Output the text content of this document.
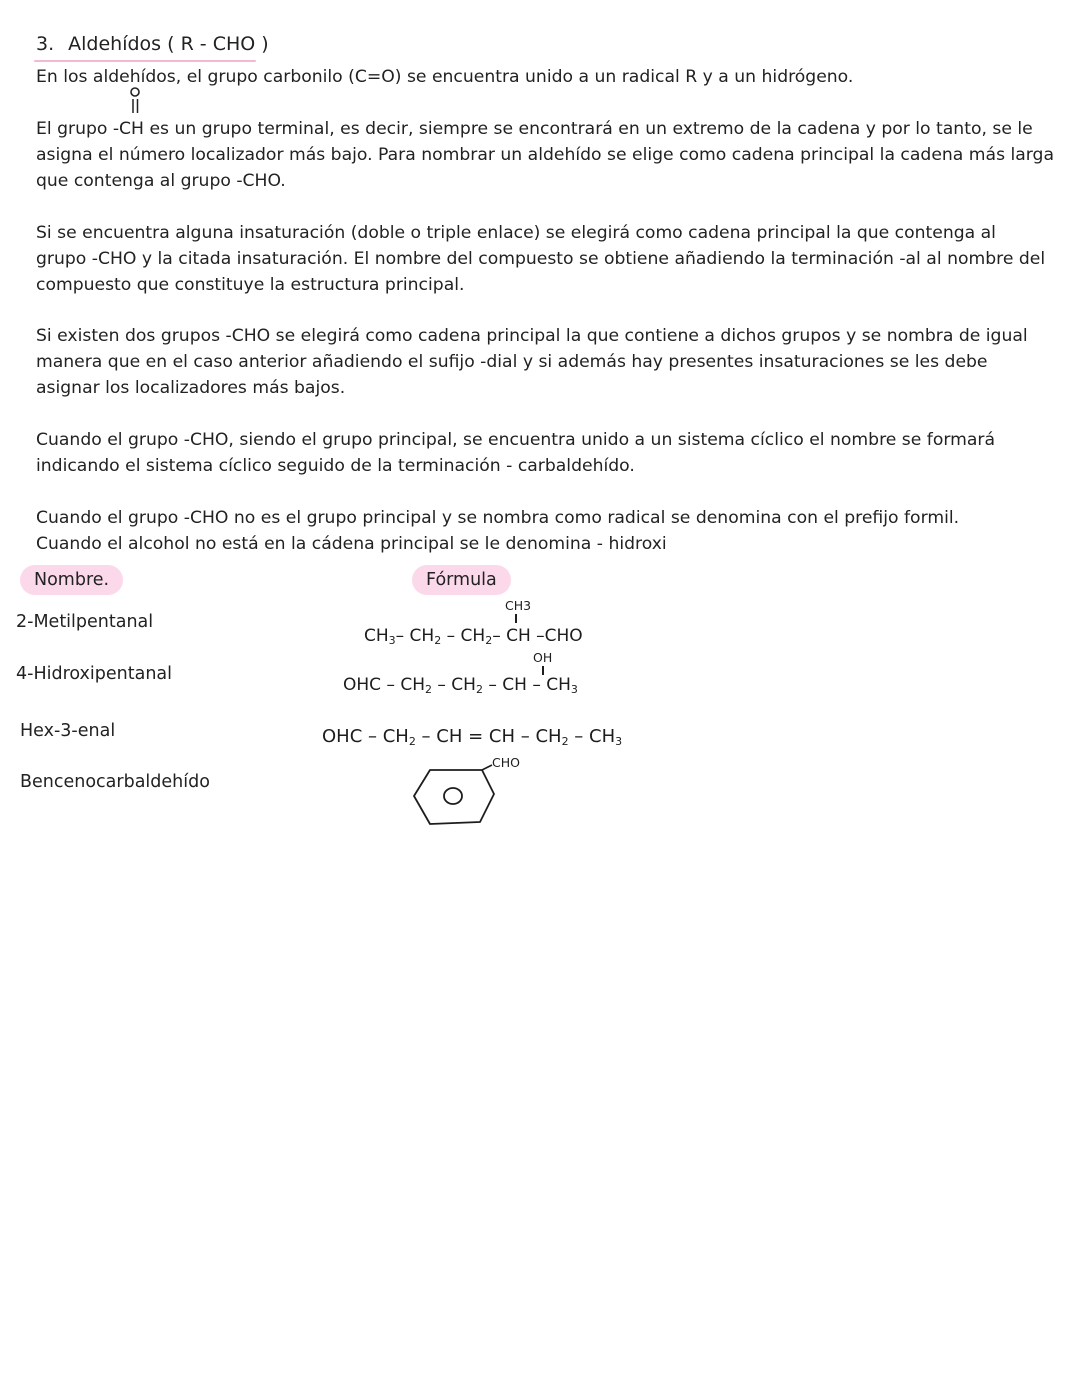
3. Aldehídos ( R - CHO )
En los aldehídos, el grupo carbonilo (C=O) se encuentra unido a un radical R y a un hidrógeno.
El grupo -CH es un grupo terminal, es decir, siempre se encontrará en un extremo de la cadena y por lo tanto, se le
asigna el número localizador más bajo. Para nombrar un aldehído se elige como cadena principal la cadena más larga
que contenga al grupo -CHO.
Si se encuentra alguna insaturación (doble o triple enlace) se elegirá como cadena principal la que contenga al
grupo -CHO y la citada insaturación. El nombre del compuesto se obtiene añadiendo la terminación -al al nombre del
compuesto que constituye la estructura principal.
Si existen dos grupos -CHO se elegirá como cadena principal la que contiene a dichos grupos y se nombra de igual
manera que en el caso anterior añadiendo el sufijo -dial y si además hay presentes insaturaciones se les debe
asignar los localizadores más bajos.
Cuando el grupo -CHO, siendo el grupo principal, se encuentra unido a un sistema cíclico el nombre se formará
indicando el sistema cíclico seguido de la terminación - carbaldehído.
Cuando el grupo -CHO no es el grupo principal y se nombra como radical se denomina con el prefijo formil.
Cuando el alcohol no está en la cádena principal se le denomina - hidroxi
Nombre.	Fórmula
2-Metilpentanal
CH3
$CH_3-$ $CH_2 - CH_2-$ CH –CHO
4-Hidroxipentanal
OH
OHC – $CH_2 - CH_2$ – CH – $CH_3$
Hex-3-enal	OHC – $CH_2$ – CH = CH – $CH_2 - CH_3$
Bencenocarbaldehído
CHO
